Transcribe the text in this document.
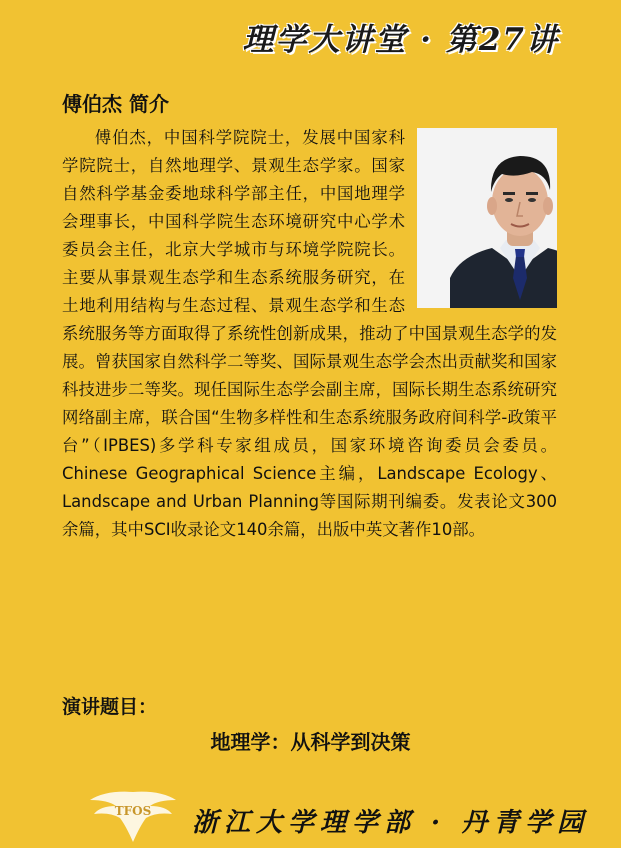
理学大讲堂 · 第27讲
傅伯杰 简介
傅伯杰，中国科学院院士，发展中国家科学院院士，自然地理学、景观生态学家。国家自然科学基金委地球科学部主任，中国地理学会理事长，中国科学院生态环境研究中心学术委员会主任，北京大学城市与环境学院院长。主要从事景观生态学和生态系统服务研究，在土地利用结构与生态过程、景观生态学和生态系统服务等方面取得了系统性创新成果，推动了中国景观生态学的发展。曾获国家自然科学二等奖、国际景观生态学会杰出贡献奖和国家科技进步二等奖。现任国际生态学会副主席，国际长期生态系统研究网络副主席，联合国“生物多样性和生态系统服务政府间科学-政策平台”（IPBES)多学科专家组成员，国家环境咨询委员会委员。Chinese Geographical Science主编，Landscape Ecology、Landscape and Urban Planning等国际期刊编委。发表论文300余篇，其中SCI收录论文140余篇，出版中英文著作10部。
演讲题目：
地理学：从科学到决策
TFOS 浙江大学理学部 · 丹青学园
